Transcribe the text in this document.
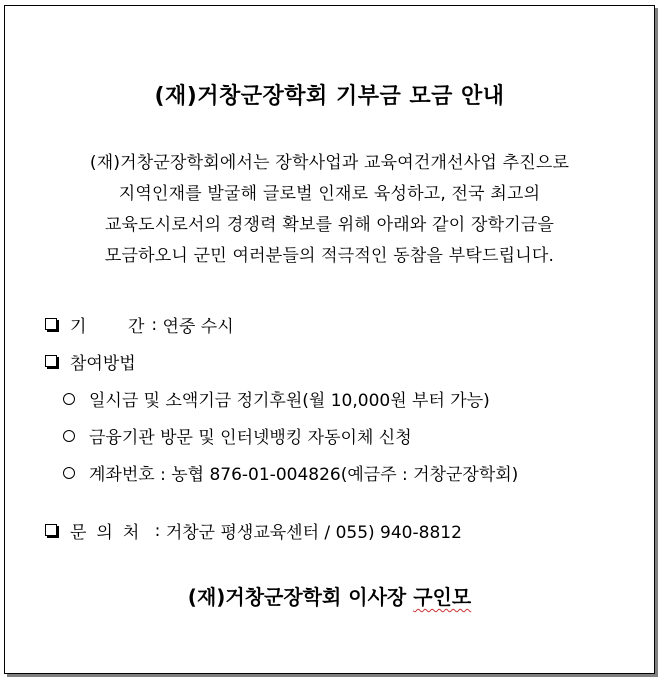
(재)거창군장학회 기부금 모금 안내
(재)거창군장학회에서는 장학사업과 교육여건개선사업 추진으로
지역인재를 발굴해 글로벌 인재로 육성하고, 전국 최고의
교육도시로서의 경쟁력 확보를 위해 아래와 같이 장학기금을
모금하오니 군민 여러분들의 적극적인 동참을 부탁드립니다.
기 간 : 연중 수시
참여방법
일시금 및 소액기금 정기후원(월 10,000원 부터 가능)
금융기관 방문 및 인터넷뱅킹 자동이체 신청
계좌번호 : 농협 876-01-004826(예금주 : 거창군장학회)
문의처 : 거창군 평생교육센터 / 055) 940-8812
(재)거창군장학회 이사장 구인모
